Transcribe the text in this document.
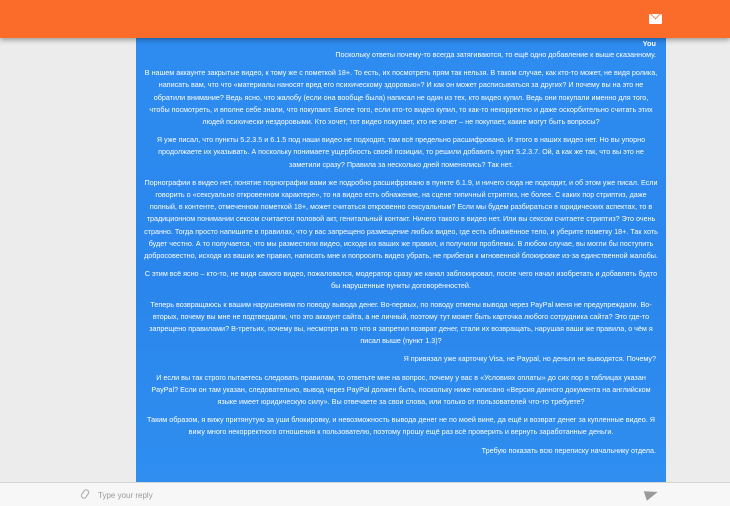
You

Поскольку ответы почему-то всегда затягиваются, то ещё одно добавление к выше сказанному.

В нашем аккаунте закрытые видео, к тому же с пометкой 18+. То есть, их посмотреть прям так нельзя. В таком случае, как кто-то может, не видя ролика, написать вам, что что «материалы наносят вред его психическому здоровью»? И как он может расписываться за других? И почему вы на это не обратили внимание? Ведь ясно, что жалобу (если она вообще была) написал не один из тех, кто видео купил. Ведь они покупали именно для того, чтобы посмотреть, и вполне себе знали, что покупают. Более того, если кто-то видео купил, то как-то некорректно и даже оскорбительно считать этих людей психически нездоровыми. Кто хочет, тот видео покупает, кто не хочет – не покупает, какие могут быть вопросы?

Я уже писал, что пункты 5.2.3.5 и 6.1.5 под наши видео не подходят, там всё предельно расшифровано. И этого в наших видео нет. Но вы упорно продолжаете их указывать. А поскольку понимаете ущербность своей позиции, то решили добавить пункт 5.2.3.7. Ой, а как же так, что вы это не заметили сразу? Правила за несколько дней поменялись? Так нет.

Порнографии в видео нет, понятие порнографии вами же подробно расшифровано в пункте 6.1.9, и ничего сюда не подходит, и об этом уже писал. Если говорить о «сексуально откровенном характере», то на видео есть обнажение, на сцене типичный стриптиз, не более. С каких пор стриптиз, даже полный, в контенте, отмеченном пометкой 18+, может считаться откровенно сексуальным? Если мы будем разбираться в юридических аспектах, то в традиционном понимании сексом считается половой акт, генитальный контакт. Ничего такого в видео нет. Или вы сексом считаете стриптиз? Это очень странно. Тогда просто напишите в правилах, что у вас запрещено размещение любых видео, где есть обнажённое тело, и уберите пометку 18+. Так хоть будет честно. А то получается, что мы разместили видео, исходя из ваших же правил, и получили проблемы. В любом случае, вы могли бы поступить добросовестно, исходя из ваших же правил, написать мне и попросить видео убрать, не прибегая к мгновенной блокировке из-за единственной жалобы.

С этим всё ясно – кто-то, не видя самого видео, пожаловался, модератор сразу же канал заблокировал, после чего начал изобретать и добавлять будто бы нарушенные пункты договорённостей.

Теперь возвращаюсь к вашим нарушениям по поводу вывода денег. Во-первых, по поводу отмены вывода через PayPal меня не предупреждали. Во-вторых, почему вы мне не подтвердили, что это аккаунт сайта, а не личный, поэтому тут может быть карточка любого сотрудника сайта? Это где-то запрещено правилами? В-третьих, почему вы, несмотря на то что я запретил возврат денег, стали их возвращать, нарушая ваши же правила, о чём я писал выше (пункт 1.3)?

Я привязал уже карточку Visa, не Paypal, но деньги не выводятся. Почему?

И если вы так строго пытаетесь следовать правилам, то ответьте мне на вопрос, почему у вас в «Условиях оплаты» до сих пор в таблицах указан PayPal? Если он там указан, следовательно, вывод через PayPal должен быть, поскольку ниже написано «Версия данного документа на английском языке имеет юридическую силу». Вы отвечаете за свои слова, или только от пользователей что-то требуете?

Таким образом, я вижу притянутую за уши блокировку, и невозможность вывода денег не по моей вине, да ещё и возврат денег за купленные видео. Я вижу много некорректного отношения к пользователю, поэтому прошу ещё раз всё проверить и вернуть заработанные деньги.

Требую показать всю переписку начальнику отдела.

Type your reply
